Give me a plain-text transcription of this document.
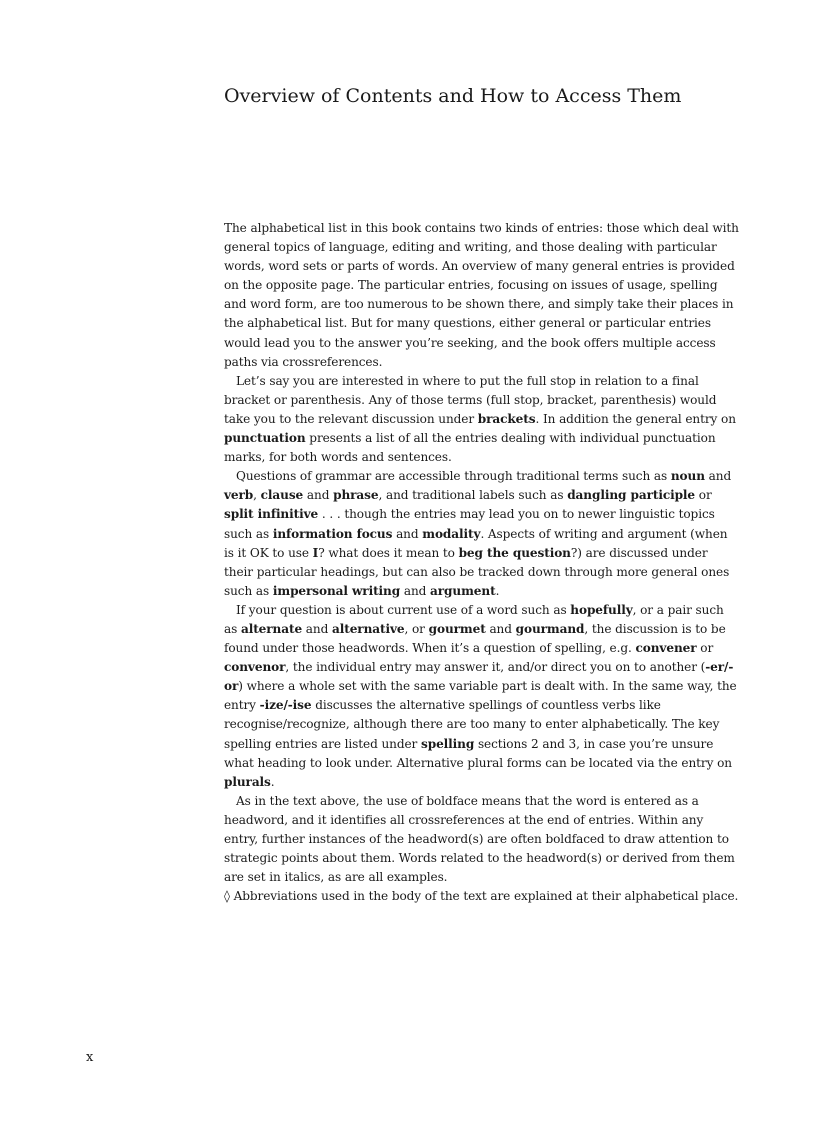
Overview of Contents and How to Access Them

The alphabetical list in this book contains two kinds of entries: those which deal with general topics of language, editing and writing, and those dealing with particular words, word sets or parts of words. An overview of many general entries is provided on the opposite page. The particular entries, focusing on issues of usage, spelling and word form, are too numerous to be shown there, and simply take their places in the alphabetical list. But for many questions, either general or particular entries would lead you to the answer you’re seeking, and the book offers multiple access paths via crossreferences.

Let’s say you are interested in where to put the full stop in relation to a final bracket or parenthesis. Any of those terms (full stop, bracket, parenthesis) would take you to the relevant discussion under brackets. In addition the general entry on punctuation presents a list of all the entries dealing with individual punctuation marks, for both words and sentences.

Questions of grammar are accessible through traditional terms such as noun and verb, clause and phrase, and traditional labels such as dangling participle or split infinitive . . . though the entries may lead you on to newer linguistic topics such as information focus and modality. Aspects of writing and argument (when is it OK to use I? what does it mean to beg the question?) are discussed under their particular headings, but can also be tracked down through more general ones such as impersonal writing and argument.

If your question is about current use of a word such as hopefully, or a pair such as alternate and alternative, or gourmet and gourmand, the discussion is to be found under those headwords. When it’s a question of spelling, e.g. convener or convenor, the individual entry may answer it, and/or direct you on to another (-er/-or) where a whole set with the same variable part is dealt with. In the same way, the entry -ize/-ise discusses the alternative spellings of countless verbs like recognise/recognize, although there are too many to enter alphabetically. The key spelling entries are listed under spelling sections 2 and 3, in case you’re unsure what heading to look under. Alternative plural forms can be located via the entry on plurals.

As in the text above, the use of boldface means that the word is entered as a headword, and it identifies all crossreferences at the end of entries. Within any entry, further instances of the headword(s) are often boldfaced to draw attention to strategic points about them. Words related to the headword(s) or derived from them are set in italics, as are all examples.

◊ Abbreviations used in the body of the text are explained at their alphabetical place.

x
